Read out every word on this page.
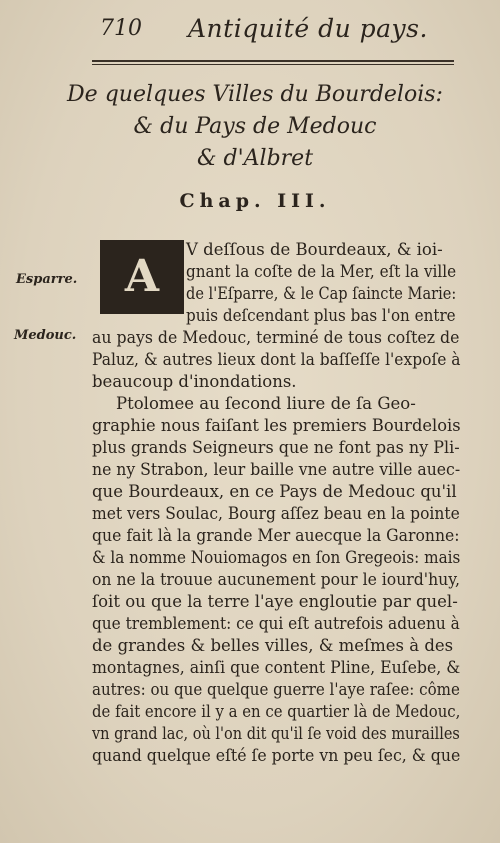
710 Antiquité du pays.
De quelques Villes du Bourdelois:
& du Pays de Medouc
& d'Albret
Chap. III.
Esparre.
Medouc.
A
V deſſous de Bourdeaux, & ioi-
gnant la coſte de la Mer, eſt la ville
de l'Eſparre, & le Cap ſaincte Marie:
puis deſcendant plus bas l'on entre
au pays de Medouc, terminé de tous coſtez de
Paluz, & autres lieux dont la baſſeſſe l'expoſe à
beaucoup d'inondations.
Ptolomee au ſecond liure de ſa Geo-
graphie nous faiſant les premiers Bourdelois
plus grands Seigneurs que ne font pas ny Pli-
ne ny Strabon, leur baille vne autre ville auec-
que Bourdeaux, en ce Pays de Medouc qu'il
met vers Soulac, Bourg aſſez beau en la pointe
que fait là la grande Mer auecque la Garonne:
& la nomme Nouiomagos en ſon Gregeois: mais
on ne la trouue aucunement pour le iourd'huy,
ſoit ou que la terre l'aye engloutie par quel-
que tremblement: ce qui eſt autrefois aduenu à
de grandes & belles villes, & meſmes à des
montagnes, ainſi que content Pline, Euſebe, &
autres: ou que quelque guerre l'aye raſee: côme
de fait encore il y a en ce quartier là de Medouc,
vn grand lac, où l'on dit qu'il ſe void des murailles
quand quelque eſté ſe porte vn peu ſec, & que
